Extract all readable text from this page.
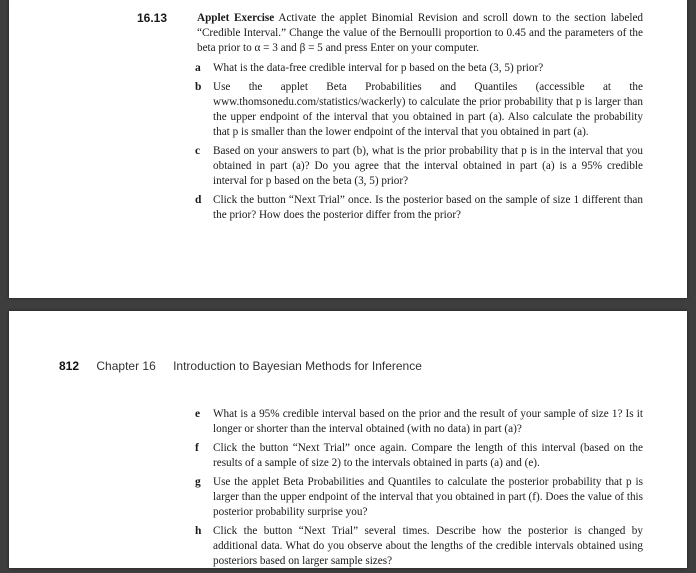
16.13	Applet Exercise Activate the applet Binomial Revision and scroll down to the section labeled “Credible Interval.” Change the value of the Bernoulli proportion to 0.45 and the parameters of the beta prior to α = 3 and β = 5 and press Enter on your computer.
a What is the data-free credible interval for p based on the beta (3, 5) prior?
b Use the applet Beta Probabilities and Quantiles (accessible at the www.thomsonedu.com/statistics/wackerly) to calculate the prior probability that p is larger than the upper endpoint of the interval that you obtained in part (a). Also calculate the probability that p is smaller than the lower endpoint of the interval that you obtained in part (a).
c Based on your answers to part (b), what is the prior probability that p is in the interval that you obtained in part (a)? Do you agree that the interval obtained in part (a) is a 95% credible interval for p based on the beta (3, 5) prior?
d Click the button “Next Trial” once. Is the posterior based on the sample of size 1 different than the prior? How does the posterior differ from the prior?
812 Chapter 16 Introduction to Bayesian Methods for Inference
e What is a 95% credible interval based on the prior and the result of your sample of size 1? Is it longer or shorter than the interval obtained (with no data) in part (a)?
f Click the button “Next Trial” once again. Compare the length of this interval (based on the results of a sample of size 2) to the intervals obtained in parts (a) and (e).
g Use the applet Beta Probabilities and Quantiles to calculate the posterior probability that p is larger than the upper endpoint of the interval that you obtained in part (f). Does the value of this posterior probability surprise you?
h Click the button “Next Trial” several times. Describe how the posterior is changed by additional data. What do you observe about the lengths of the credible intervals obtained using posteriors based on larger sample sizes?
